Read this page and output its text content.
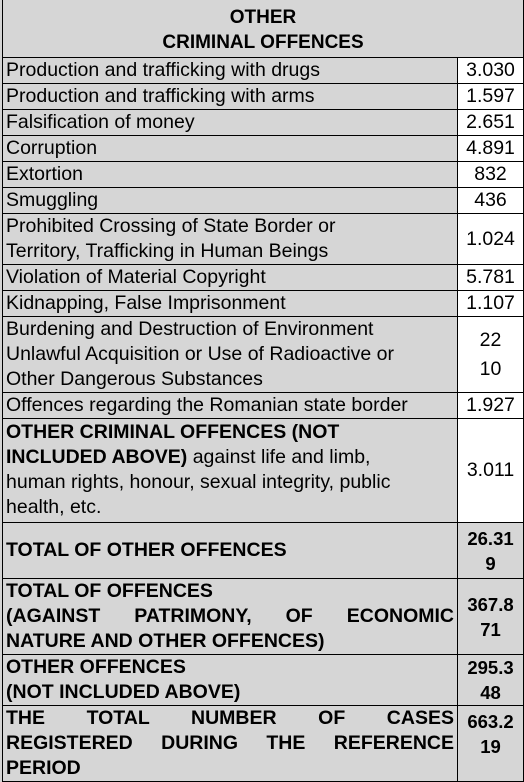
OTHER
CRIMINAL OFFENCES	

Production and trafficking with drugs	3.030
Production and trafficking with arms	1.597
Falsification of money	2.651
Corruption	4.891
Extortion	832
Smuggling	436

Prohibited Crossing of State Border or
Territory, Trafficking in Human Beings	1.024
Violation of Material Copyright	5.781
Kidnapping, False Imprisonment	1.107

Burdening and Destruction of Environment
Unlawful Acquisition or Use of Radioactive or
Other Dangerous Substances	22
10

Offences regarding the Romanian state border	1.927

OTHER CRIMINAL OFFENCES (NOT
INCLUDED ABOVE) against life and limb,
human rights, honour, sexual integrity, public
health, etc.	3.011
TOTAL OF OTHER OFFENCES	26.31
9

TOTAL OF OFFENCES
(AGAINST PATRIMONY, OF ECONOMIC
NATURE AND OTHER OFFENCES)	367.8
71

OTHER OFFENCES
(NOT INCLUDED ABOVE)	295.3
48

THE TOTAL NUMBER OF CASES
REGISTERED DURING THE REFERENCE
PERIOD	663.2
19
